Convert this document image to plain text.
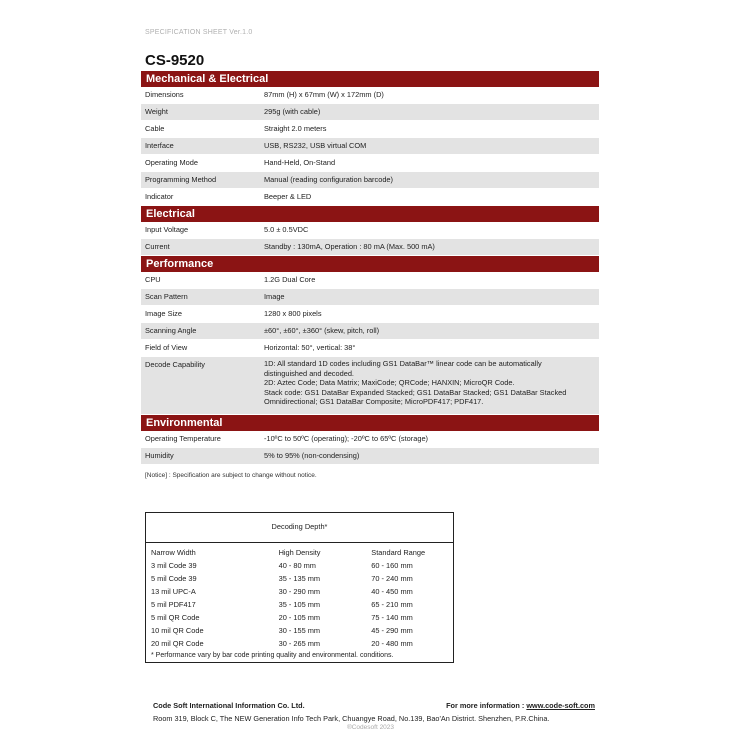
SPECIFICATION SHEET Ver.1.0
CS-9520
Mechanical & Electrical
Dimensions	87mm (H) x 67mm (W) x 172mm (D)
Weight	295g (with cable)
Cable	Straight 2.0 meters
Interface	USB, RS232, USB virtual COM
Operating Mode	Hand-Held, On-Stand
Programming Method	Manual (reading configuration barcode)
Indicator	Beeper & LED
Electrical
Input Voltage	5.0 ± 0.5VDC
Current	Standby : 130mA, Operation : 80 mA (Max. 500 mA)
Performance
CPU	1.2G Dual Core
Scan Pattern	Image
Image Size	1280 x 800 pixels
Scanning Angle	±60°, ±60°, ±360° (skew, pitch, roll)
Field of View	Horizontal: 50°, vertical: 38°
Decode Capability	1D: All standard 1D codes including GS1 DataBar™ linear code can be automatically
distinguished and decoded.
2D: Aztec Code; Data Matrix; MaxiCode; QRCode; HANXIN; MicroQR Code.
Stack code: GS1 DataBar Expanded Stacked; GS1 DataBar Stacked; GS1 DataBar Stacked
Omnidirectional; GS1 DataBar Composite; MicroPDF417; PDF417.
Environmental
Operating Temperature	-10ºC to 50ºC (operating); -20ºC to 65ºC (storage)
Humidity	5% to 95% (non-condensing)
[Notice] : Specification are subject to change without notice.
Decoding Depth*
Narrow Width	High Density	Standard Range
3 mil Code 39	40 - 80 mm	60 - 160 mm
5 mil Code 39	35 - 135 mm	70 - 240 mm
13 mil UPC-A	30 - 290 mm	40 - 450 mm
5 mil PDF417	35 - 105 mm	65 - 210 mm
5 mil QR Code	20 - 105 mm	75 - 140 mm
10 mil QR Code	30 - 155 mm	45 - 290 mm
20 mil QR Code	30 - 265 mm	20 - 480 mm
* Performance vary by bar code printing quality and environmental. conditions.
Code Soft International Information Co. Ltd.	For more information : www.code-soft.com
Room 319, Block C, The NEW Generation Info Tech Park, Chuangye Road, No.139, Bao'An District. Shenzhen, P.R.China.
®Codesoft 2023
